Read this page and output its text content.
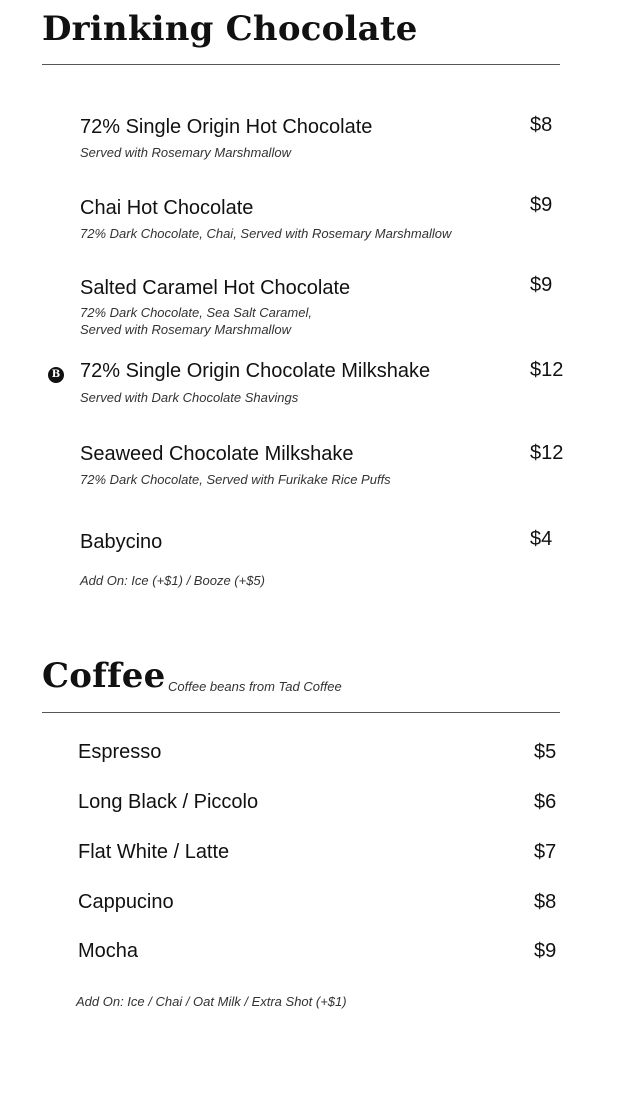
Drinking Chocolate
72% Single Origin Hot Chocolate	$8
Served with Rosemary Marshmallow
Chai Hot Chocolate	$9
72% Dark Chocolate, Chai, Served with Rosemary Marshmallow
Salted Caramel Hot Chocolate	$9
72% Dark Chocolate, Sea Salt Caramel,
Served with Rosemary Marshmallow
B 72% Single Origin Chocolate Milkshake	$12
Served with Dark Chocolate Shavings
Seaweed Chocolate Milkshake	$12
72% Dark Chocolate, Served with Furikake Rice Puffs
Babycino	$4
Add On: Ice (+$1) / Booze (+$5)
Coffee Coffee beans from Tad Coffee
Espresso	$5
Long Black / Piccolo	$6
Flat White / Latte	$7
Cappucino	$8
Mocha	$9
Add On: Ice / Chai / Oat Milk / Extra Shot (+$1)
